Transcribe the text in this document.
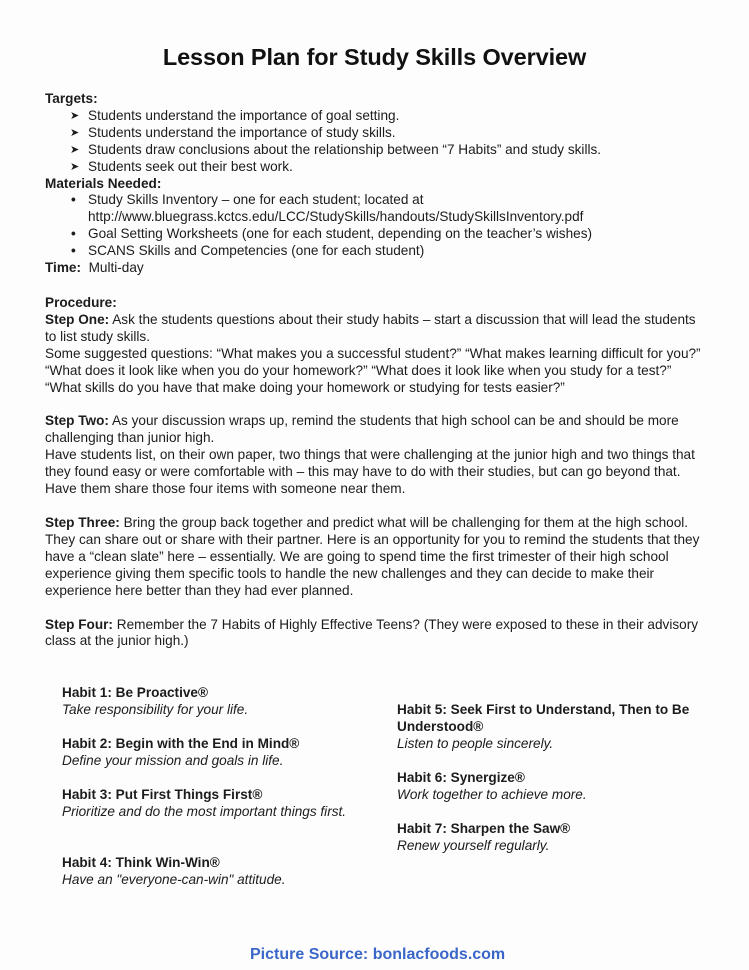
Lesson Plan for Study Skills Overview
Targets:
➤ Students understand the importance of goal setting.
➤ Students understand the importance of study skills.
➤ Students draw conclusions about the relationship between “7 Habits” and study skills.
➤ Students seek out their best work.
Materials Needed:
• Study Skills Inventory – one for each student; located at
http://www.bluegrass.kctcs.edu/LCC/StudySkills/handouts/StudySkillsInventory.pdf
• Goal Setting Worksheets (one for each student, depending on the teacher’s wishes)
• SCANS Skills and Competencies (one for each student)
Time: Multi-day
Procedure:

Step One: Ask the students questions about their study habits – start a discussion that will lead the students to list study skills.

Some suggested questions: “What makes you a successful student?” “What makes learning difficult for you?” “What does it look like when you do your homework?” “What does it look like when you study for a test?” “What skills do you have that make doing your homework or studying for tests easier?”

Step Two: As your discussion wraps up, remind the students that high school can be and should be more challenging than junior high.

Have students list, on their own paper, two things that were challenging at the junior high and two things that they found easy or were comfortable with – this may have to do with their studies, but can go beyond that. Have them share those four items with someone near them.

Step Three: Bring the group back together and predict what will be challenging for them at the high school. They can share out or share with their partner. Here is an opportunity for you to remind the students that they have a “clean slate” here – essentially. We are going to spend time the first trimester of their high school experience giving them specific tools to handle the new challenges and they can decide to make their experience here better than they had ever planned.

Step Four: Remember the 7 Habits of Highly Effective Teens? (They were exposed to these in their advisory class at the junior high.)

Habit 1: Be Proactive®
Take responsibility for your life.
Habit 2: Begin with the End in Mind®
Define your mission and goals in life.
Habit 3: Put First Things First®
Prioritize and do the most important things first.
Habit 4: Think Win-Win®
Have an "everyone-can-win" attitude.
Habit 5: Seek First to Understand, Then to Be Understood®
Listen to people sincerely.
Habit 6: Synergize®
Work together to achieve more.
Habit 7: Sharpen the Saw®
Renew yourself regularly.
Picture Source: bonlacfoods.com
